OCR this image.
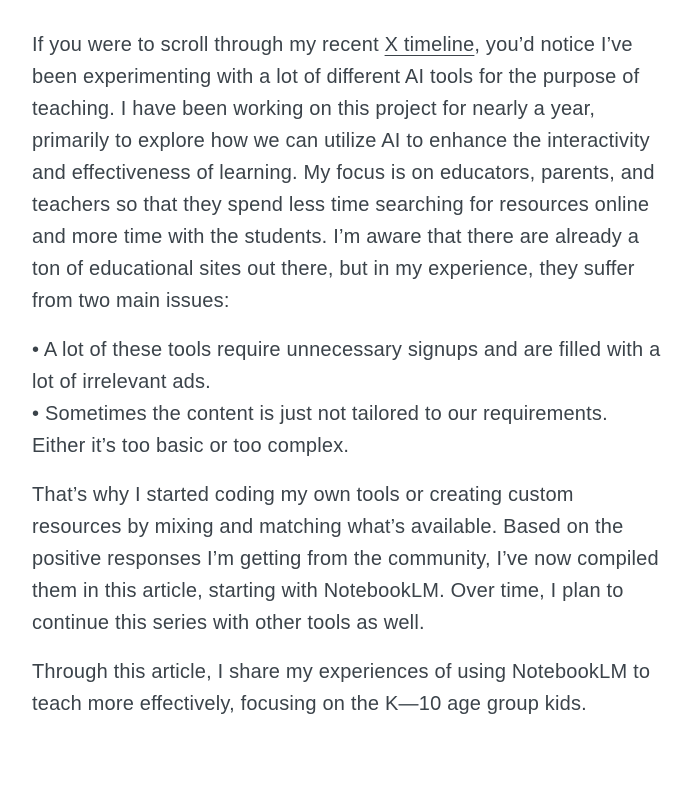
If you were to scroll through my recent X timeline, you’d notice I’ve been experimenting with a lot of different AI tools for the purpose of teaching. I have been working on this project for nearly a year, primarily to explore how we can utilize AI to enhance the interactivity and effectiveness of learning. My focus is on educators, parents, and teachers so that they spend less time searching for resources online and more time with the students. I’m aware that there are already a ton of educational sites out there, but in my experience, they suffer from two main issues:

• A lot of these tools require unnecessary signups and are filled with a lot of irrelevant ads.
• Sometimes the content is just not tailored to our requirements. Either it’s too basic or too complex.

That’s why I started coding my own tools or creating custom resources by mixing and matching what’s available. Based on the positive responses I’m getting from the community, I’ve now compiled them in this article, starting with NotebookLM. Over time, I plan to continue this series with other tools as well.

Through this article, I share my experiences of using NotebookLM to teach more effectively, focusing on the K—10 age group kids.
